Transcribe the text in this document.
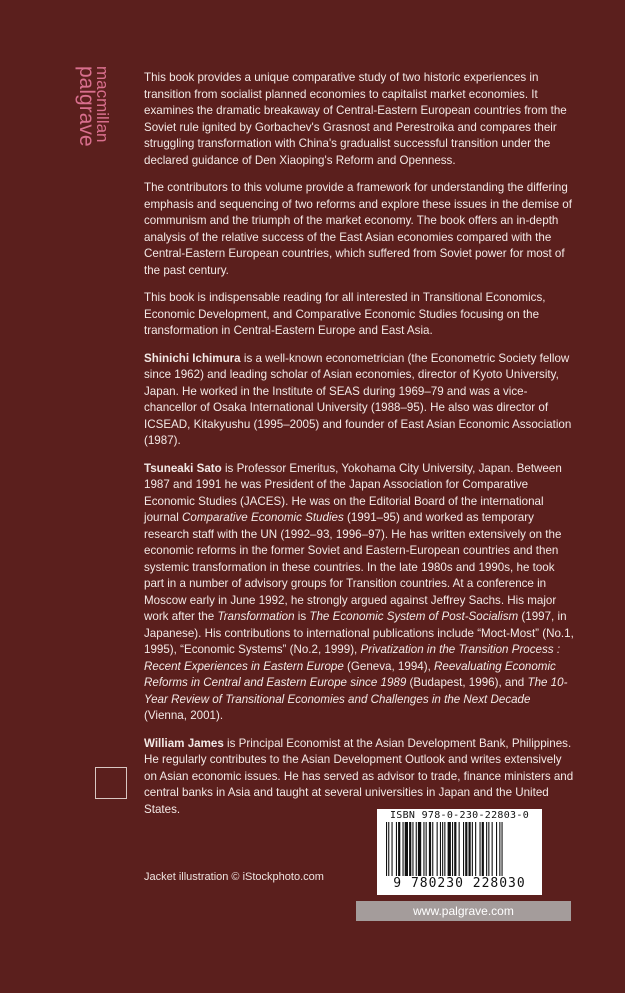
palgrave
macmillan	This book provides a unique comparative study of two historic experiences in transition from socialist planned economies to capitalist market economies. It examines the dramatic breakaway of Central-Eastern European countries from the Soviet rule ignited by Gorbachev's Grasnost and Perestroika and compares their struggling transformation with China's gradualist successful transition under the declared guidance of Den Xiaoping's Reform and Openness.

The contributors to this volume provide a framework for understanding the differing emphasis and sequencing of two reforms and explore these issues in the demise of communism and the triumph of the market economy. The book offers an in-depth analysis of the relative success of the East Asian economies compared with the Central-Eastern European countries, which suffered from Soviet power for most of the past century.

This book is indispensable reading for all interested in Transitional Economics, Economic Development, and Comparative Economic Studies focusing on the transformation in Central-Eastern Europe and East Asia.

Shinichi Ichimura is a well-known econometrician (the Econometric Society fellow since 1962) and leading scholar of Asian economies, director of Kyoto University, Japan. He worked in the Institute of SEAS during 1969–79 and was a vice-chancellor of Osaka International University (1988–95). He also was director of ICSEAD, Kitakyushu (1995–2005) and founder of East Asian Economic Association (1987).

Tsuneaki Sato is Professor Emeritus, Yokohama City University, Japan. Between 1987 and 1991 he was President of the Japan Association for Comparative Economic Studies (JACES). He was on the Editorial Board of the international journal Comparative Economic Studies (1991–95) and worked as temporary research staff with the UN (1992–93, 1996–97). He has written extensively on the economic reforms in the former Soviet and Eastern-European countries and then systemic transformation in these countries. In the late 1980s and 1990s, he took part in a number of advisory groups for Transition countries. At a conference in Moscow early in June 1992, he strongly argued against Jeffrey Sachs. His major work after the Transformation is The Economic System of Post-Socialism (1997, in Japanese). His contributions to international publications include “Moct-Most” (No.1, 1995), “Economic Systems” (No.2, 1999), Privatization in the Transition Process : Recent Experiences in Eastern Europe (Geneva, 1994), Reevaluating Economic Reforms in Central and Eastern Europe since 1989 (Budapest, 1996), and The 10-Year Review of Transitional Economies and Challenges in the Next Decade (Vienna, 2001).

William James is Principal Economist at the Asian Development Bank, Philippines. He regularly contributes to the Asian Development Outlook and writes extensively on Asian economic issues. He has served as advisor to trade, finance ministers and central banks in Asia and taught at several universities in Japan and the United States.

Jacket illustration © iStockphoto.com
ISBN 978-0-230-22803-0
9 780230 228030
www.palgrave.com
